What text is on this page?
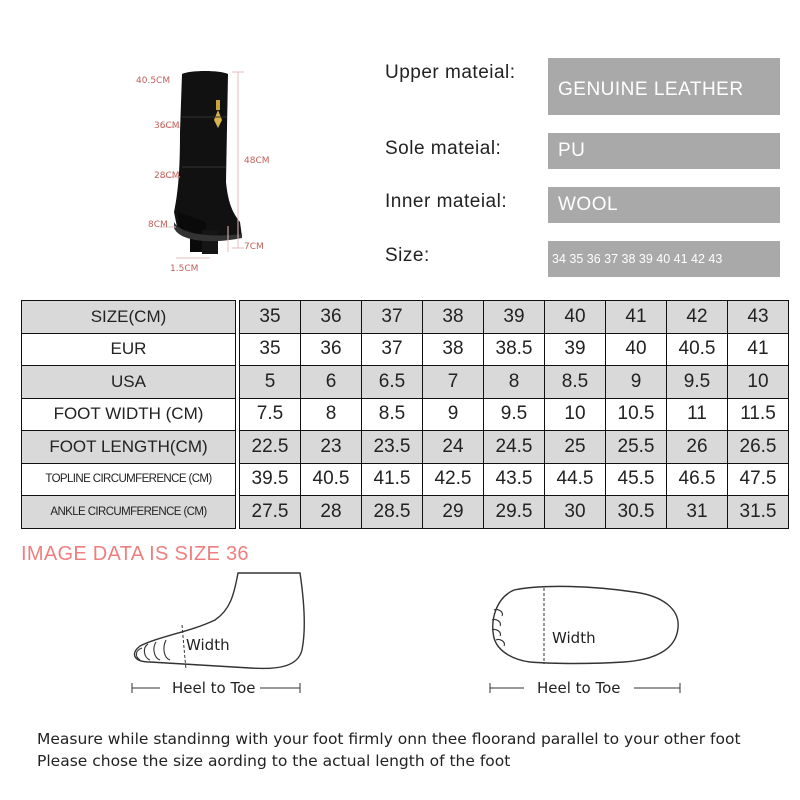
40.5CM
36CM
28CM
8CM
48CM
7CM
1.5CM
Upper mateial:
GENUINE LEATHER
Sole mateial:	PU
Inner mateial:	WOOL
Size:	34 35 36 37 38 39 40 41 42 43
SIZE(CM)		35	36	37	38	39	40	41	42	43
EUR		35	36	37	38	38.5	39	40	40.5	41
USA		5	6	6.5	7	8	8.5	9	9.5	10
FOOT WIDTH (CM)		7.5	8	8.5	9	9.5	10	10.5	11	11.5
FOOT LENGTH(CM)		22.5	23	23.5	24	24.5	25	25.5	26	26.5
TOPLINE CIRCUMFERENCE (CM)		39.5	40.5	41.5	42.5	43.5	44.5	45.5	46.5	47.5
ANKLE CIRCUMFERENCE (CM)		27.5	28	28.5	29	29.5	30	30.5	31	31.5
IMAGE DATA IS SIZE 36
Width
Heel to Toe
Width
Heel to Toe
Measure while standinng with your foot firmly onn thee floorand parallel to your other foot
Please chose the size aording to the actual length of the foot
